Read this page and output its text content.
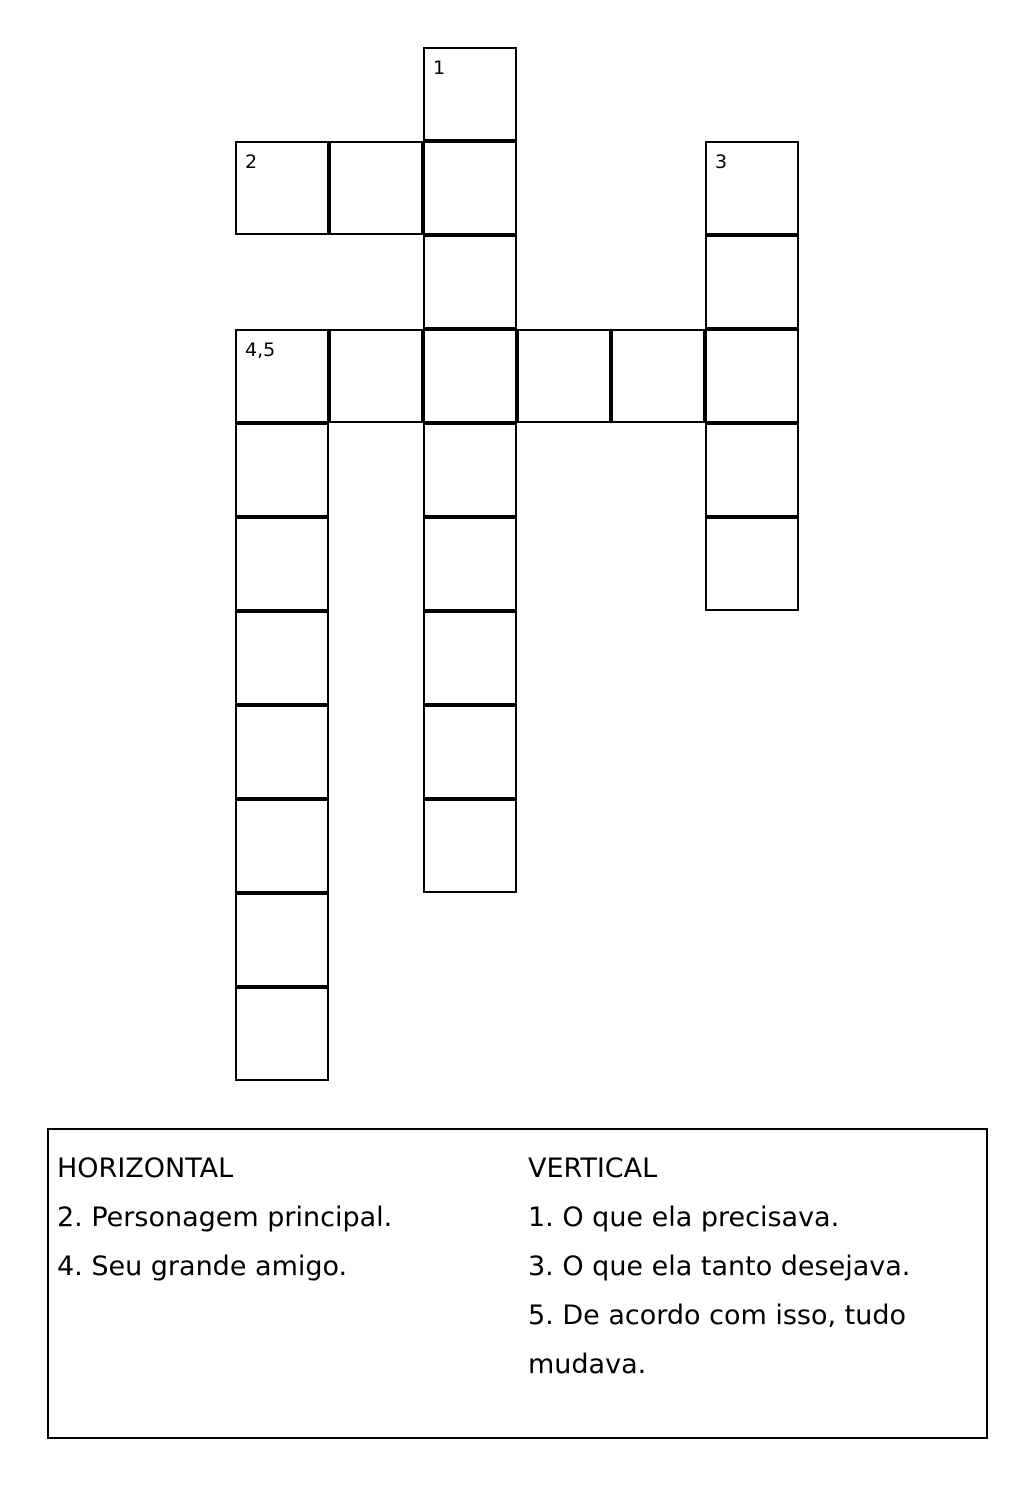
1
2	3
4,5
HORIZONTAL
2. Personagem principal.
4. Seu grande amigo.
VERTICAL
1. O que ela precisava.
3. O que ela tanto desejava.
5. De acordo com isso, tudo
mudava.
